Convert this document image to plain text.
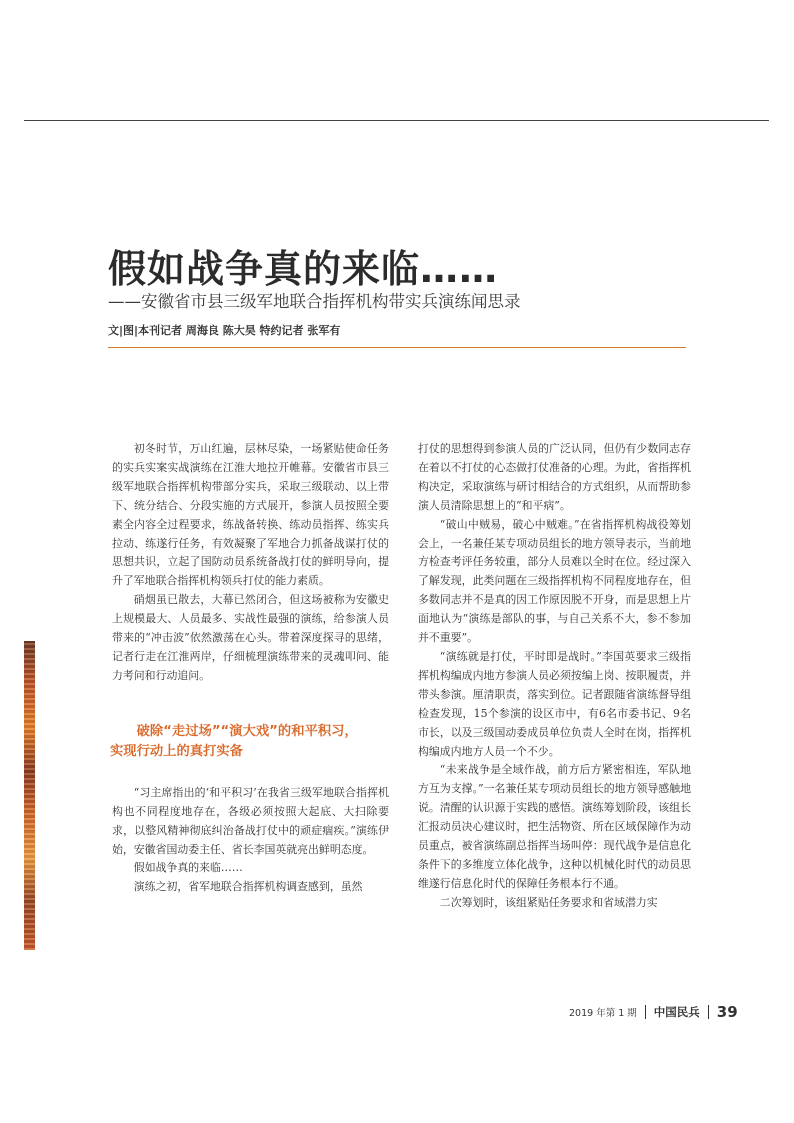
假如战争真的来临……
——安徽省市县三级军地联合指挥机构带实兵演练闻思录
文|图|本刊记者 周海良 陈大昊 特约记者 张军有

初冬时节，万山红遍，层林尽染，一场紧贴使命任务的实兵实案实战演练在江淮大地拉开帷幕。安徽省市县三级军地联合指挥机构带部分实兵，采取三级联动、以上带下、统分结合、分段实施的方式展开，参演人员按照全要素全内容全过程要求，练战备转换、练动员指挥、练实兵拉动、练遂行任务，有效凝聚了军地合力抓备战谋打仗的思想共识，立起了国防动员系统备战打仗的鲜明导向，提升了军地联合指挥机构领兵打仗的能力素质。

硝烟虽已散去，大幕已然闭合，但这场被称为安徽史上规模最大、人员最多、实战性最强的演练，给参演人员带来的“冲击波”依然激荡在心头。带着深度探寻的思绪，记者行走在江淮两岸，仔细梳理演练带来的灵魂叩问、能力考问和行动追问。

破除“走过场”“演大戏”的和平积习，
实现行动上的真打实备

“习主席指出的‘和平积习’在我省三级军地联合指挥机构也不同程度地存在，各级必须按照大起底、大扫除要求，以整风精神彻底纠治备战打仗中的顽症痼疾。”演练伊始，安徽省国动委主任、省长李国英就亮出鲜明态度。

假如战争真的来临……

演练之初，省军地联合指挥机构调查感到，虽然

打仗的思想得到参演人员的广泛认同，但仍有少数同志存在着以不打仗的心态做打仗准备的心理。为此，省指挥机构决定，采取演练与研讨相结合的方式组织，从而帮助参演人员清除思想上的“和平病”。

“破山中贼易，破心中贼难。”在省指挥机构战役筹划会上，一名兼任某专项动员组长的地方领导表示，当前地方检查考评任务较重，部分人员难以全时在位。经过深入了解发现，此类问题在三级指挥机构不同程度地存在，但多数同志并不是真的因工作原因脱不开身，而是思想上片面地认为“演练是部队的事，与自己关系不大，参不参加并不重要”。

“演练就是打仗，平时即是战时。”李国英要求三级指挥机构编成内地方参演人员必须按编上岗、按职履责，并带头参演。厘清职责，落实到位。记者跟随省演练督导组检查发现，15个参演的设区市中，有6名市委书记、9名市长，以及三级国动委成员单位负责人全时在岗，指挥机构编成内地方人员一个不少。

“未来战争是全域作战，前方后方紧密相连，军队地方互为支撑。”一名兼任某专项动员组长的地方领导感触地说。清醒的认识源于实践的感悟。演练筹划阶段，该组长汇报动员决心建议时，把生活物资、所在区域保障作为动员重点，被省演练副总指挥当场叫停：现代战争是信息化条件下的多维度立体化战争，这种以机械化时代的动员思维遂行信息化时代的保障任务根本行不通。

二次筹划时，该组紧贴任务要求和省域潜力实

2019 年第 1 期 中国民兵 39
